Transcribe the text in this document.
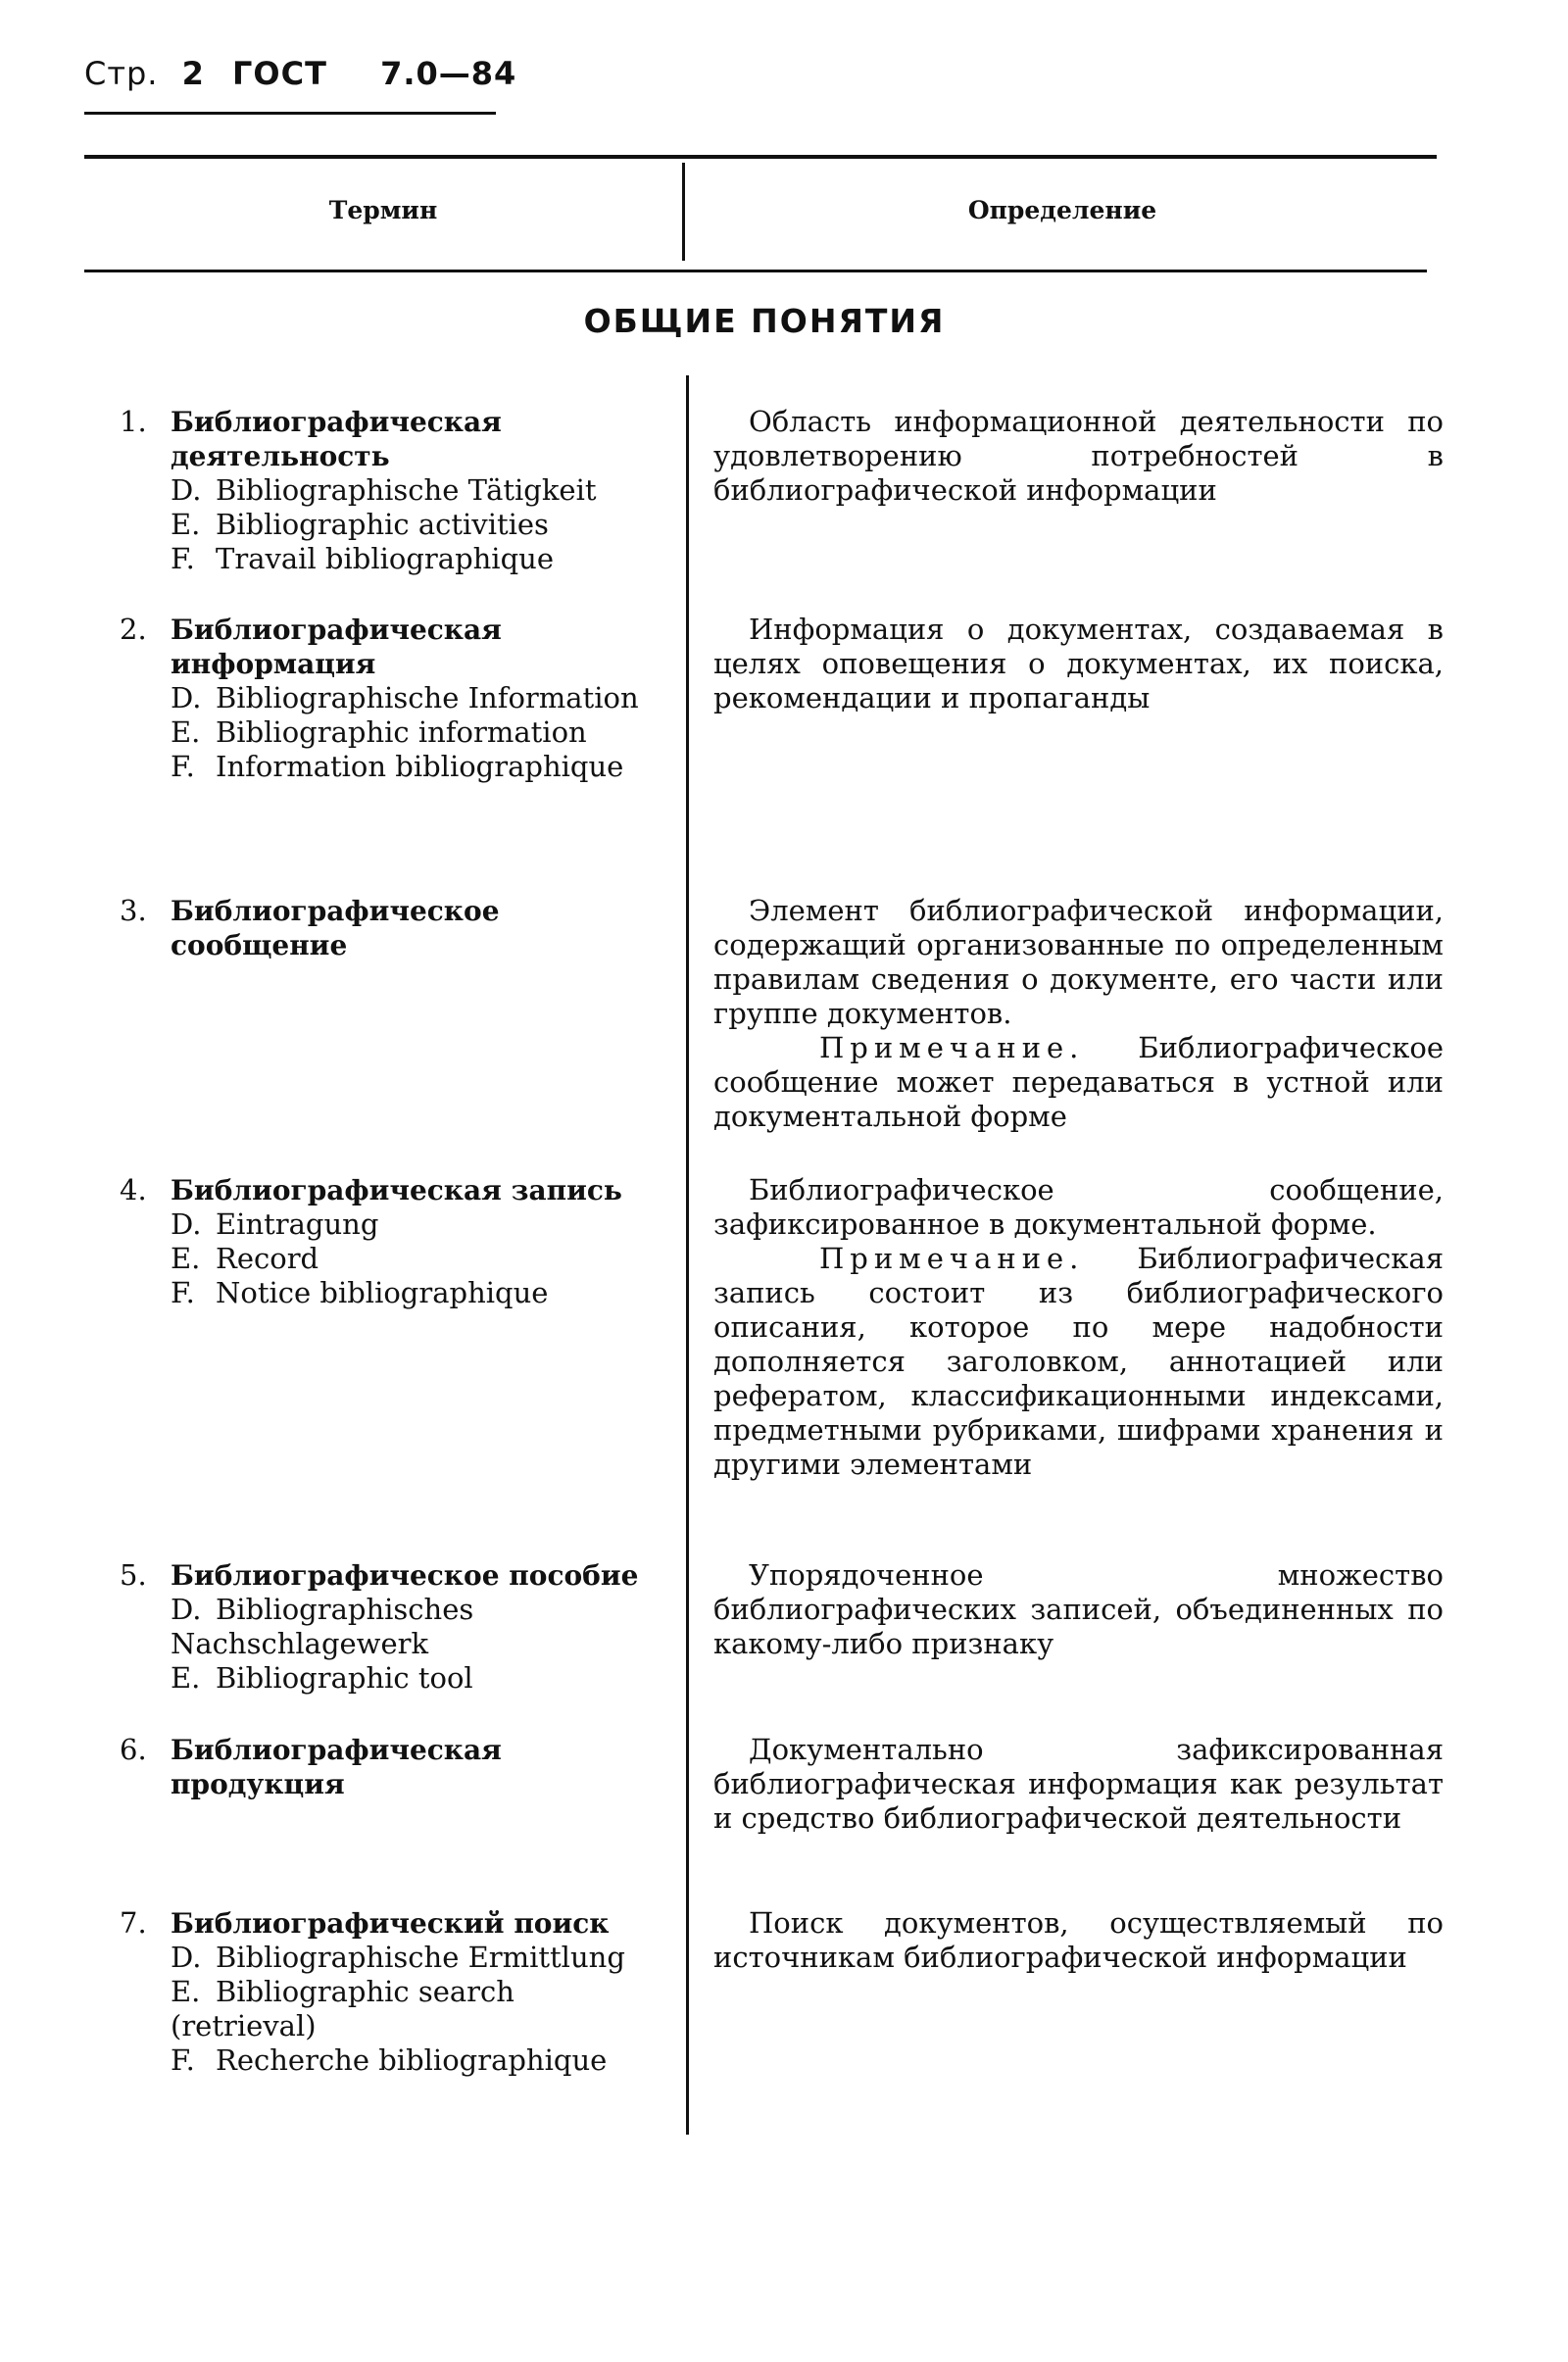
Стр. 2 ГОСТ 7.0—84
Термин	Определение
ОБЩИЕ ПОНЯТИЯ
1. Библиографическая деятельность
D. Bibliographische Tätigkeit
E. Bibliographic activities
F. Travail bibliographique
Область информационной деятельности по удовлетворению потребностей в библиографической информации
2. Библиографическая информация
D. Bibliographische Information
E. Bibliographic information
F. Information bibliographique
Информация о документах, создаваемая в целях оповещения о документах, их поиска, рекомендации и пропаганды
3. Библиографическое сообщение
Элемент библиографической информации, содержащий организованные по определенным правилам сведения о документе, его части или группе документов.
Примечание. Библиографическое сообщение может передаваться в устной или документальной форме
4. Библиографическая запись
D. Eintragung
E. Record
F. Notice bibliographique
Библиографическое сообщение, зафиксированное в документальной форме.
Примечание. Библиографическая запись состоит из библиографического описания, которое по мере надобности дополняется заголовком, аннотацией или рефератом, классификационными индексами, предметными рубриками, шифрами хранения и другими элементами
5. Библиографическое пособие
D. Bibliographisches Nachschlagewerk
E. Bibliographic tool
Упорядоченное множество библиографических записей, объединенных по какому-либо признаку
6. Библиографическая продукция
Документально зафиксированная библиографическая информация как результат и средство библиографической деятельности
7. Библиографический поиск
D. Bibliographische Ermittlung
E. Bibliographic search (retrieval)
F. Recherche bibliographique
Поиск документов, осуществляемый по источникам библиографической информации
